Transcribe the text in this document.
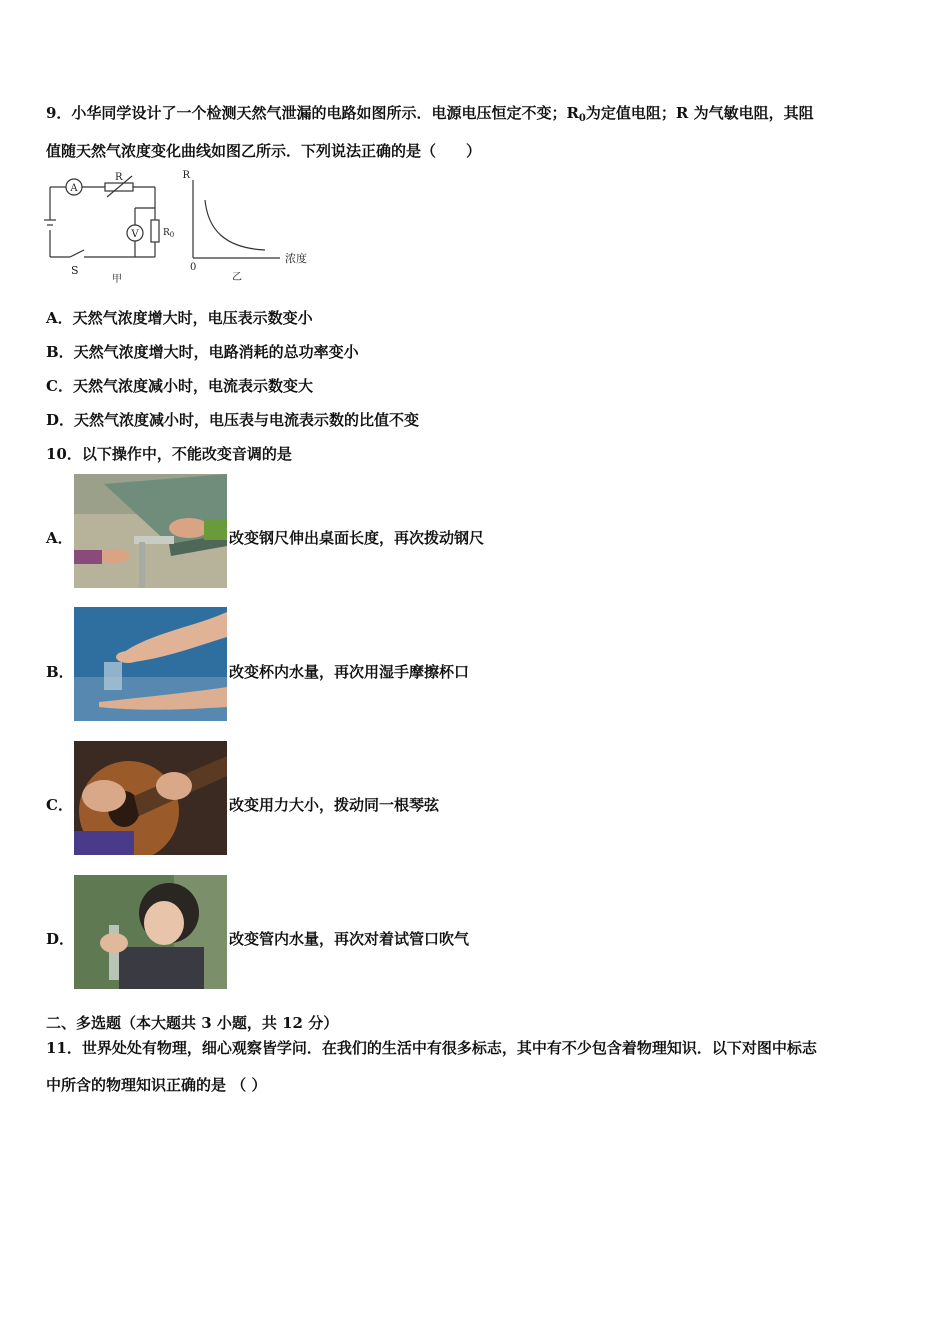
9．小华同学设计了一个检测天然气泄漏的电路如图所示．电源电压恒定不变；$R_0$为定值电阻；R 为气敏电阻，其阻
值随天然气浓度变化曲线如图乙所示．下列说法正确的是（　　）
A
R
V	$R_0$
S
甲
R
0
浓度
乙
A．天然气浓度增大时，电压表示数变小
B．天然气浓度增大时，电路消耗的总功率变小
C．天然气浓度减小时，电流表示数变大
D．天然气浓度减小时，电压表与电流表示数的比值不变
10．以下操作中，不能改变音调的是
A．	改变钢尺伸出桌面长度，再次拨动钢尺
B．	改变杯内水量，再次用湿手摩擦杯口
C．	改变用力大小，拨动同一根琴弦
D．	改变管内水量，再次对着试管口吹气
二、多选题（本大题共 3 小题，共 12 分）
11．世界处处有物理，细心观察皆学问．在我们的生活中有很多标志，其中有不少包含着物理知识．以下对图中标志
中所含的物理知识正确的是 （ ）
